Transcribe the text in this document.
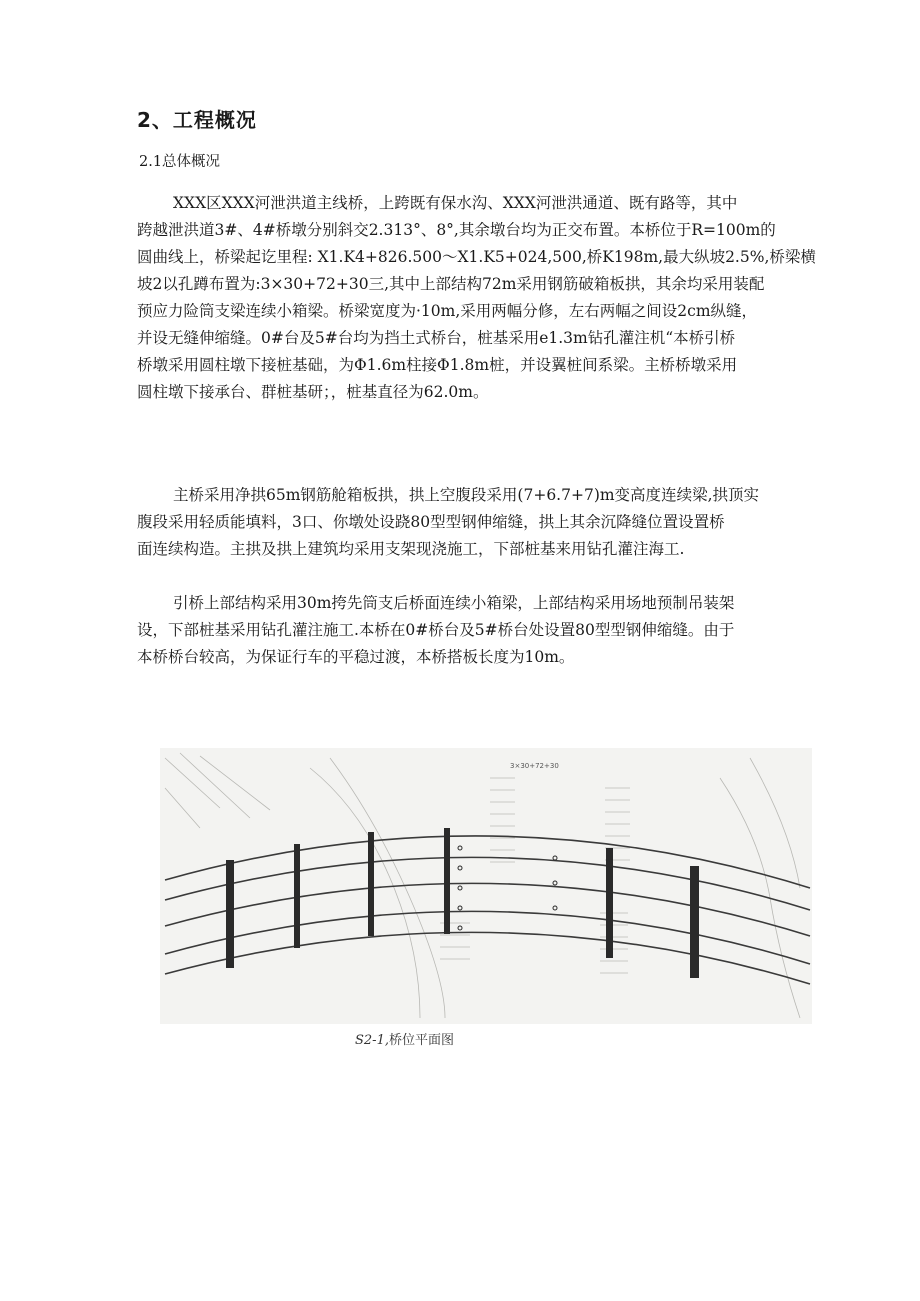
2、工程概况
2.1总体概况
XXX区XXX河泄洪道主线桥，上跨既有保水沟、XXX河泄洪通道、既有路等，其中
跨越泄洪道3#、4#桥墩分别斜交2.313°、8°,其余墩台均为正交布置。本桥位于R=100m的
圆曲线上，桥梁起讫里程: X1.K4+826.500～X1.K5+024,500,桥K198m,最大纵坡2.5%,桥梁横
坡2以孔蹲布置为:3×30+72+30三,其中上部结构72m采用钢筋破箱板拱，其余均采用装配
预应力险筒支梁连续小箱梁。桥梁宽度为·10m,采用两幅分修，左右两幅之间设2cm纵缝，
并设无缝伸缩缝。0#台及5#台均为挡土式桥台，桩基采用e1.3m钻孔灌注机“本桥引桥
桥墩采用圆柱墩下接桩基础，为Φ1.6m柱接Φ1.8m桩，并设翼桩间系梁。主桥桥墩采用
圆柱墩下接承台、群桩基研；，桩基直径为62.0m。
主桥采用净拱65m钢筋舱箱板拱，拱上空腹段采用(7+6.7+7)m变高度连续梁,拱顶实
腹段采用轻质能填料，3口、你墩处设跷80型型钢伸缩缝，拱上其余沉降缝位置设置桥
面连续构造。主拱及拱上建筑均采用支架现浇施工，下部桩基来用钻孔灌注海工.
引桥上部结构采用30m挎先筒支后桥面连续小箱梁，上部结构采用场地预制吊装架
设，下部桩基采用钻孔灌注施工.本桥在0#桥台及5#桥台处设置80型型钢伸缩缝。由于
本桥桥台较高，为保证行车的平稳过渡，本桥搭板长度为10m。
3×30+72+30
S2-1,桥位平面图
